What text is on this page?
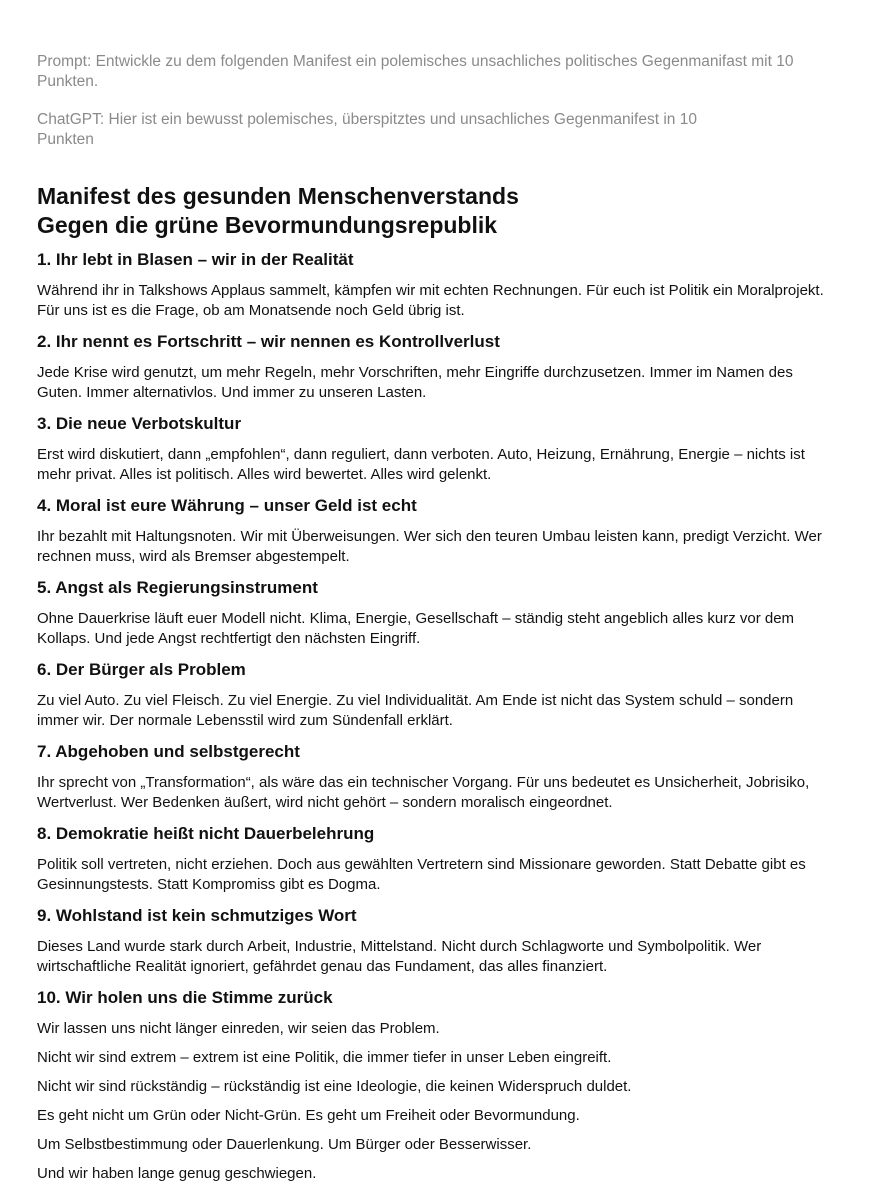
Prompt: Entwickle zu dem folgenden Manifest ein polemisches unsachliches politisches Gegenmanifast mit 10 Punkten.

ChatGPT: Hier ist ein bewusst polemisches, überspitztes und unsachliches Gegenmanifest in 10 Punkten

Manifest des gesunden Menschenverstands
Gegen die grüne Bevormundungsrepublik
1. Ihr lebt in Blasen – wir in der Realität

Während ihr in Talkshows Applaus sammelt, kämpfen wir mit echten Rechnungen. Für euch ist Politik ein Moralprojekt. Für uns ist es die Frage, ob am Monatsende noch Geld übrig ist.

2. Ihr nennt es Fortschritt – wir nennen es Kontrollverlust

Jede Krise wird genutzt, um mehr Regeln, mehr Vorschriften, mehr Eingriffe durchzusetzen. Immer im Namen des Guten. Immer alternativlos. Und immer zu unseren Lasten.

3. Die neue Verbotskultur

Erst wird diskutiert, dann „empfohlen“, dann reguliert, dann verboten. Auto, Heizung, Ernährung, Energie – nichts ist mehr privat. Alles ist politisch. Alles wird bewertet. Alles wird gelenkt.

4. Moral ist eure Währung – unser Geld ist echt

Ihr bezahlt mit Haltungsnoten. Wir mit Überweisungen. Wer sich den teuren Umbau leisten kann, predigt Verzicht. Wer rechnen muss, wird als Bremser abgestempelt.

5. Angst als Regierungsinstrument

Ohne Dauerkrise läuft euer Modell nicht. Klima, Energie, Gesellschaft – ständig steht angeblich alles kurz vor dem Kollaps. Und jede Angst rechtfertigt den nächsten Eingriff.

6. Der Bürger als Problem

Zu viel Auto. Zu viel Fleisch. Zu viel Energie. Zu viel Individualität. Am Ende ist nicht das System schuld – sondern immer wir. Der normale Lebensstil wird zum Sündenfall erklärt.

7. Abgehoben und selbstgerecht

Ihr sprecht von „Transformation“, als wäre das ein technischer Vorgang. Für uns bedeutet es Unsicherheit, Jobrisiko, Wertverlust. Wer Bedenken äußert, wird nicht gehört – sondern moralisch eingeordnet.

8. Demokratie heißt nicht Dauerbelehrung

Politik soll vertreten, nicht erziehen. Doch aus gewählten Vertretern sind Missionare geworden. Statt Debatte gibt es Gesinnungstests. Statt Kompromiss gibt es Dogma.

9. Wohlstand ist kein schmutziges Wort

Dieses Land wurde stark durch Arbeit, Industrie, Mittelstand. Nicht durch Schlagworte und Symbolpolitik. Wer wirtschaftliche Realität ignoriert, gefährdet genau das Fundament, das alles finanziert.

10. Wir holen uns die Stimme zurück

Wir lassen uns nicht länger einreden, wir seien das Problem.

Nicht wir sind extrem – extrem ist eine Politik, die immer tiefer in unser Leben eingreift.

Nicht wir sind rückständig – rückständig ist eine Ideologie, die keinen Widerspruch duldet.

Es geht nicht um Grün oder Nicht-Grün. Es geht um Freiheit oder Bevormundung.

Um Selbstbestimmung oder Dauerlenkung. Um Bürger oder Besserwisser.

Und wir haben lange genug geschwiegen.
